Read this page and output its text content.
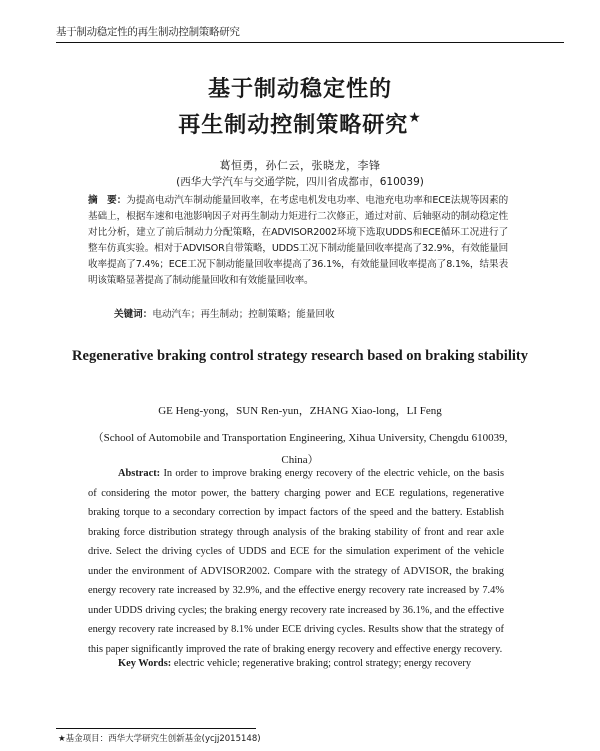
基于制动稳定性的再生制动控制策略研究
基于制动稳定性的
再生制动控制策略研究★
葛恒勇，孙仁云，张晓龙，李锋
(西华大学汽车与交通学院，四川省成都市，610039)

摘　要：为提高电动汽车制动能量回收率，在考虑电机发电功率、电池充电功率和ECE法规等因素的基础上，根据车速和电池影响因子对再生制动力矩进行二次修正，通过对前、后轴驱动的制动稳定性对比分析，建立了前后制动力分配策略，在ADVISOR2002环境下选取UDDS和ECE循环工况进行了整车仿真实验。相对于ADVISOR自带策略，UDDS工况下制动能量回收率提高了32.9%，有效能量回收率提高了7.4%；ECE工况下制动能量回收率提高了36.1%，有效能量回收率提高了8.1%，结果表明该策略显著提高了制动能量回收和有效能量回收率。

关键词：电动汽车；再生制动；控制策略；能量回收

Regenerative braking control strategy research based on braking stability

GE Heng-yong，SUN Ren-yun，ZHANG Xiao-long，LI Feng

（School of Automobile and Transportation Engineering, Xihua University, Chengdu 610039, China）

Abstract: In order to improve braking energy recovery of the electric vehicle, on the basis of considering the motor power, the battery charging power and ECE regulations, regenerative braking torque to a secondary correction by impact factors of the speed and the battery. Establish braking force distribution strategy through analysis of the braking stability of front and rear axle drive. Select the driving cycles of UDDS and ECE for the simulation experiment of the vehicle under the environment of ADVISOR2002. Compare with the strategy of ADVISOR, the braking energy recovery rate increased by 32.9%, and the effective energy recovery rate increased by 7.4% under UDDS driving cycles; the braking energy recovery rate increased by 36.1%, and the effective energy recovery rate increased by 8.1% under ECE driving cycles. Results show that the strategy of this paper significantly improved the rate of braking energy recovery and effective energy recovery.

Key Words: electric vehicle; regenerative braking; control strategy; energy recovery

★基金项目：西华大学研究生创新基金(ycjj2015148)
